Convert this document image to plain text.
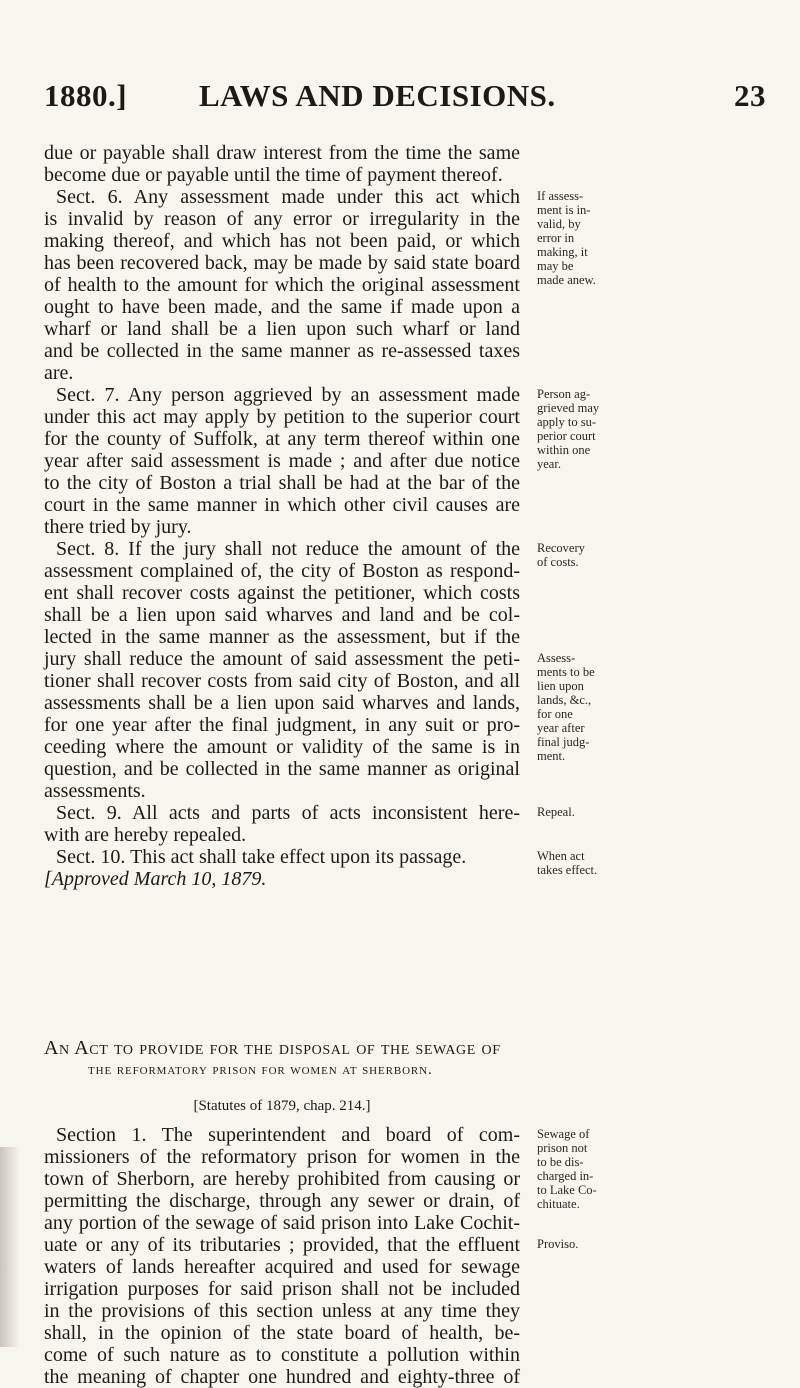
1880.] LAWS AND DECISIONS.	23
due or payable shall draw interest from the time the same
become due or payable until the time of payment thereof.
Sect. 6. Any assessment made under this act which
is invalid by reason of any error or irregularity in the
making thereof, and which has not been paid, or which
has been recovered back, may be made by said state board
of health to the amount for which the original assessment
ought to have been made, and the same if made upon a
wharf or land shall be a lien upon such wharf or land
and be collected in the same manner as re-assessed taxes
are.
Sect. 7. Any person aggrieved by an assessment made
under this act may apply by petition to the superior court
for the county of Suffolk, at any term thereof within one
year after said assessment is made ; and after due notice
to the city of Boston a trial shall be had at the bar of the
court in the same manner in which other civil causes are
there tried by jury.
Sect. 8. If the jury shall not reduce the amount of the
assessment complained of, the city of Boston as respond-
ent shall recover costs against the petitioner, which costs
shall be a lien upon said wharves and land and be col-
lected in the same manner as the assessment, but if the
jury shall reduce the amount of said assessment the peti-
tioner shall recover costs from said city of Boston, and all
assessments shall be a lien upon said wharves and lands,
for one year after the final judgment, in any suit or pro-
ceeding where the amount or validity of the same is in
question, and be collected in the same manner as original
assessments.
Sect. 9. All acts and parts of acts inconsistent here-
with are hereby repealed.
Sect. 10. This act shall take effect upon its passage.
[Approved March 10, 1879.
If assess-
ment is in-
valid, by
error in
making, it
may be
made anew.
Person ag-
grieved may
apply to su-
perior court
within one
year.
Recovery
of costs.
Assess-
ments to be
lien upon
lands, &c.,
for one
year after
final judg-
ment.
Repeal.
When act
takes effect.
An Act to provide for the disposal of the sewage of
the reformatory prison for women at sherborn.
[Statutes of 1879, chap. 214.]
Section 1. The superintendent and board of com-
missioners of the reformatory prison for women in the
town of Sherborn, are hereby prohibited from causing or
permitting the discharge, through any sewer or drain, of
any portion of the sewage of said prison into Lake Cochit-
uate or any of its tributaries ; provided, that the effluent
waters of lands hereafter acquired and used for sewage
irrigation purposes for said prison shall not be included
in the provisions of this section unless at any time they
shall, in the opinion of the state board of health, be-
come of such nature as to constitute a pollution within
the meaning of chapter one hundred and eighty-three of
Sewage of
prison not
to be dis-
charged in-
to Lake Co-
chituate.
Proviso.
